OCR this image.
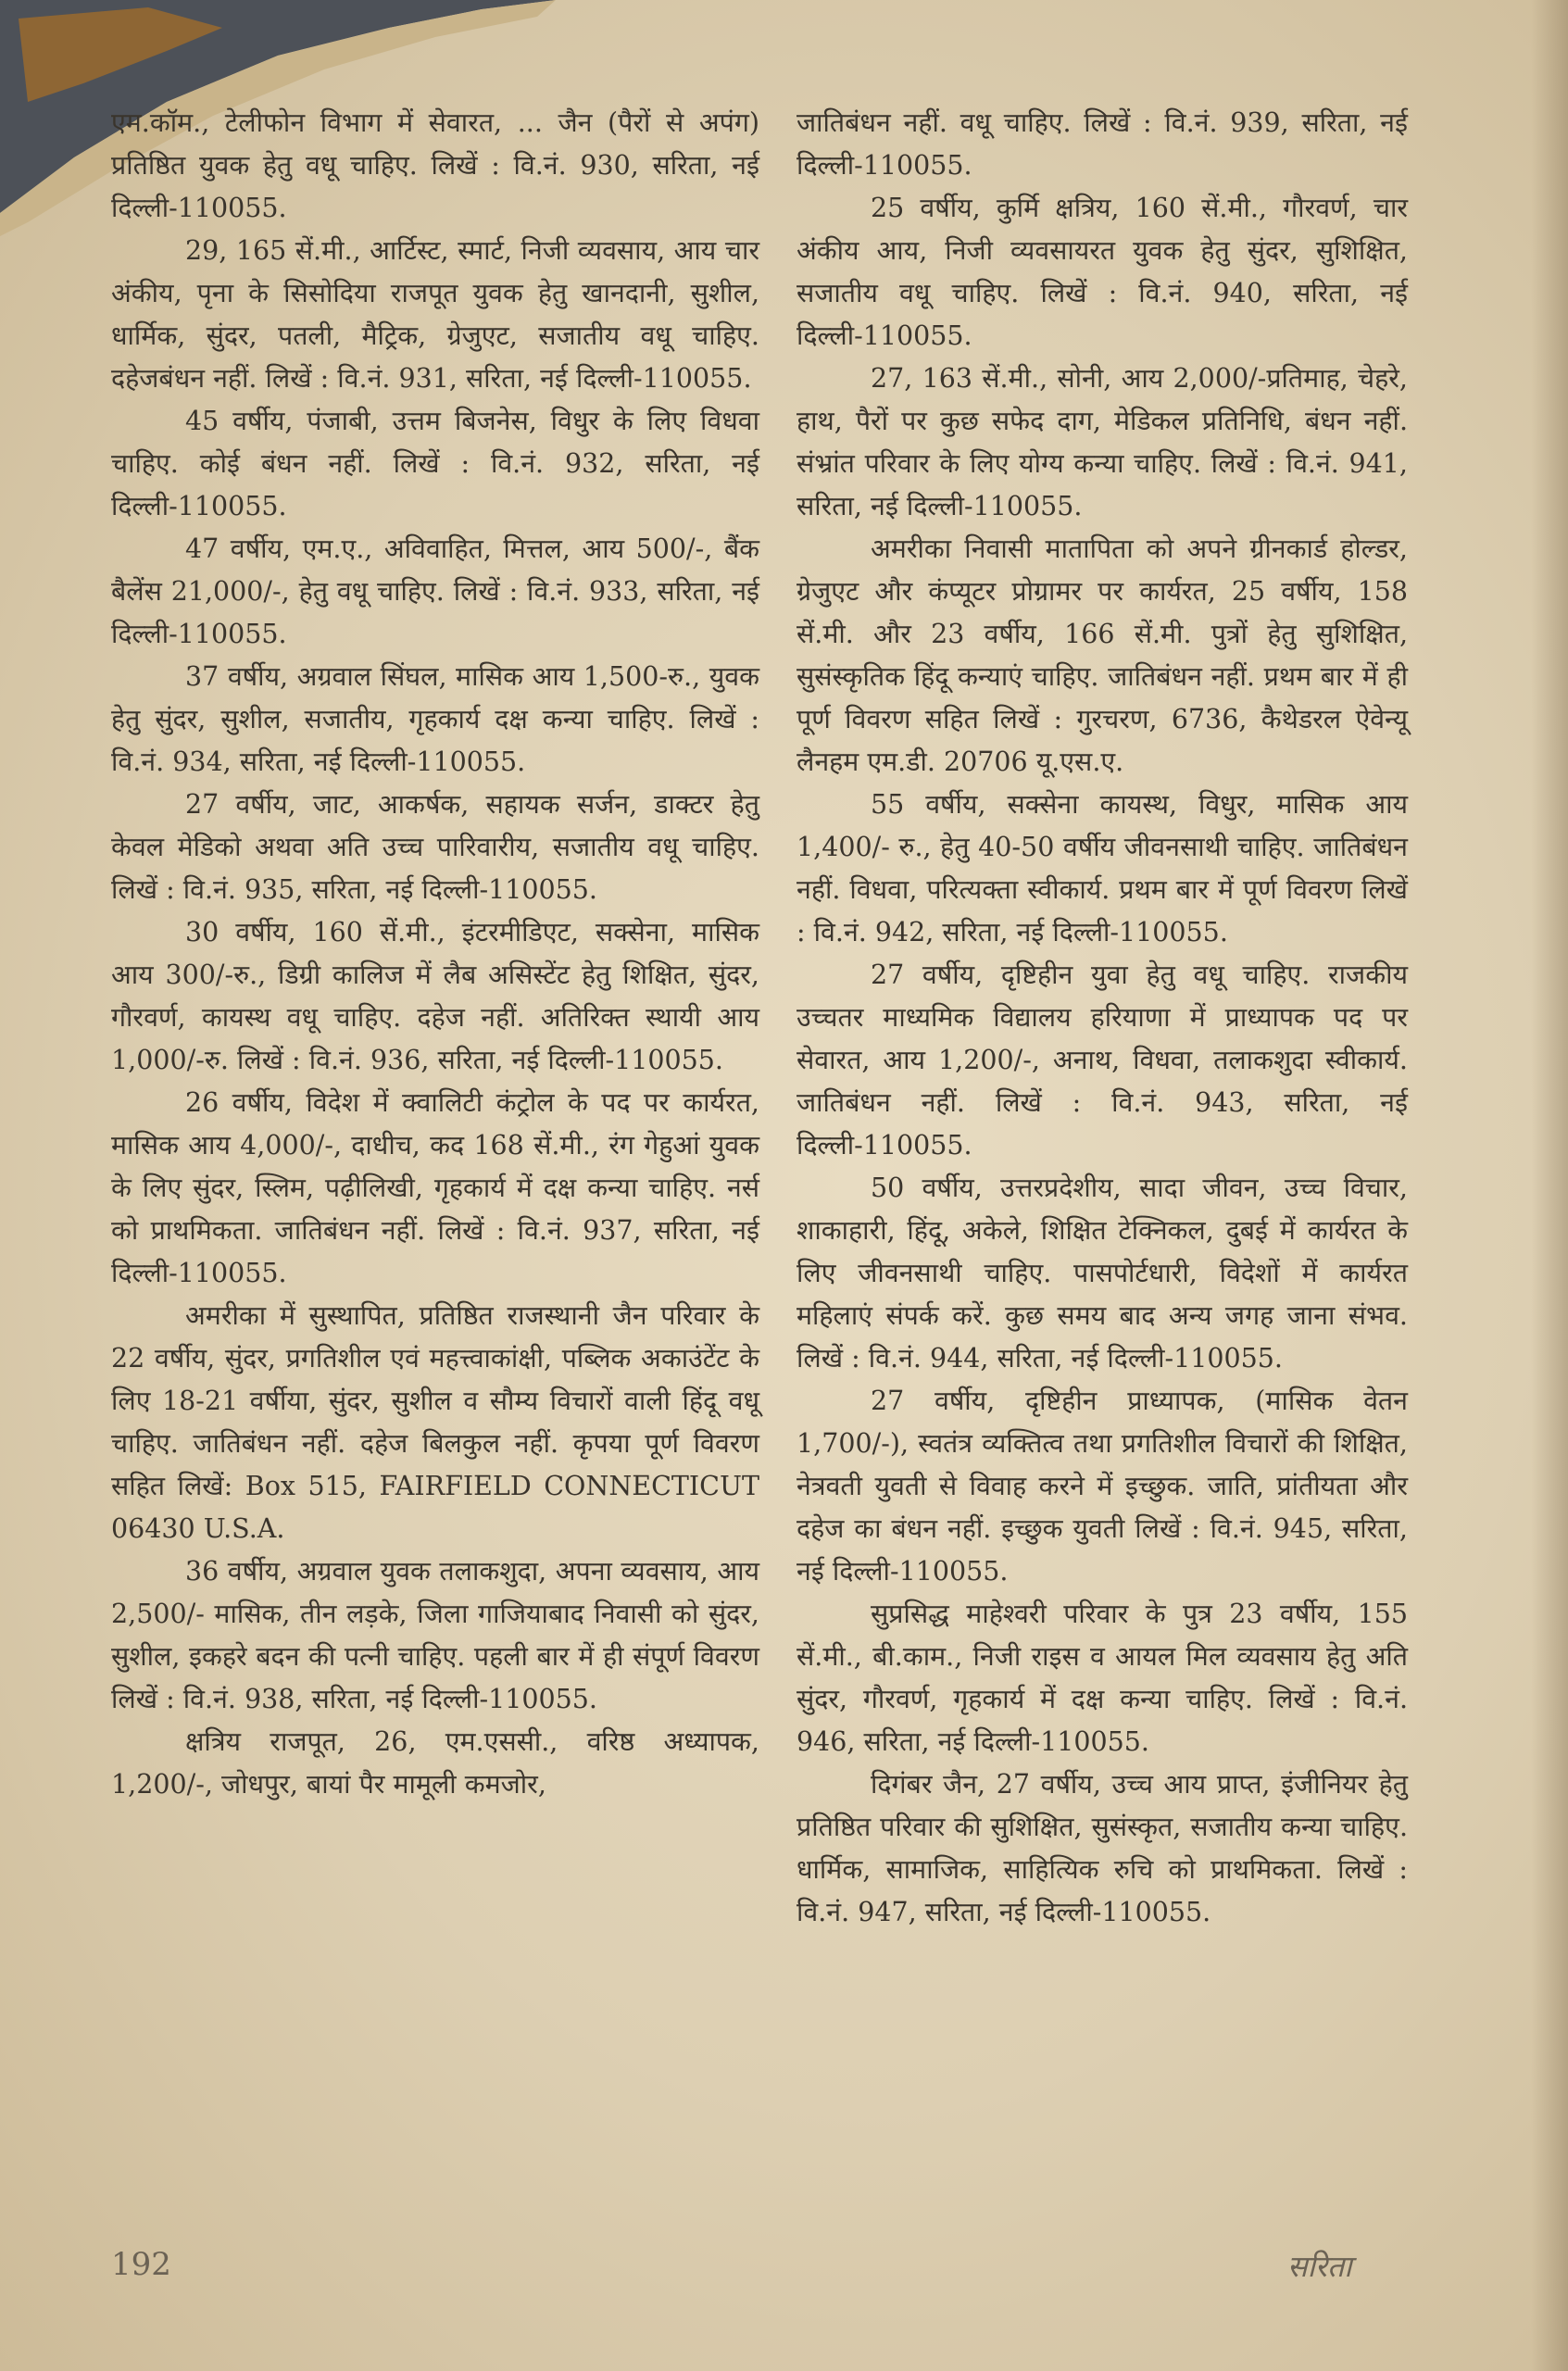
एम.कॉम., टेलीफोन विभाग में सेवारत, ... जैन (पैरों से अपंग) प्रतिष्ठित युवक हेतु वधू चाहिए. लिखें : वि.नं. 930, सरिता, नई दिल्ली-110055.

29, 165 सें.मी., आर्टिस्ट, स्मार्ट, निजी व्यवसाय, आय चार अंकीय, पृना के सिसोदिया राजपूत युवक हेतु खानदानी, सुशील, धार्मिक, सुंदर, पतली, मैट्रिक, ग्रेजुएट, सजातीय वधू चाहिए. दहेजबंधन नहीं. लिखें : वि.नं. 931, सरिता, नई दिल्ली-110055.

45 वर्षीय, पंजाबी, उत्तम बिजनेस, विधुर के लिए विधवा चाहिए. कोई बंधन नहीं. लिखें : वि.नं. 932, सरिता, नई दिल्ली-110055.

47 वर्षीय, एम.ए., अविवाहित, मित्तल, आय 500/-, बैंक बैलेंस 21,000/-, हेतु वधू चाहिए. लिखें : वि.नं. 933, सरिता, नई दिल्ली-110055.

37 वर्षीय, अग्रवाल सिंघल, मासिक आय 1,500-रु., युवक हेतु सुंदर, सुशील, सजातीय, गृहकार्य दक्ष कन्या चाहिए. लिखें : वि.नं. 934, सरिता, नई दिल्ली-110055.

27 वर्षीय, जाट, आकर्षक, सहायक सर्जन, डाक्टर हेतु केवल मेडिको अथवा अति उच्च पारिवारीय, सजातीय वधू चाहिए. लिखें : वि.नं. 935, सरिता, नई दिल्ली-110055.

30 वर्षीय, 160 सें.मी., इंटरमीडिएट, सक्सेना, मासिक आय 300/-रु., डिग्री कालिज में लैब असिस्टेंट हेतु शिक्षित, सुंदर, गौरवर्ण, कायस्थ वधू चाहिए. दहेज नहीं. अतिरिक्त स्थायी आय 1,000/-रु. लिखें : वि.नं. 936, सरिता, नई दिल्ली-110055.

26 वर्षीय, विदेश में क्वालिटी कंट्रोल के पद पर कार्यरत, मासिक आय 4,000/-, दाधीच, कद 168 सें.मी., रंग गेहुआं युवक के लिए सुंदर, स्लिम, पढ़ीलिखी, गृहकार्य में दक्ष कन्या चाहिए. नर्स को प्राथमिकता. जातिबंधन नहीं. लिखें : वि.नं. 937, सरिता, नई दिल्ली-110055.

अमरीका में सुस्थापित, प्रतिष्ठित राजस्थानी जैन परिवार के 22 वर्षीय, सुंदर, प्रगतिशील एवं महत्त्वाकांक्षी, पब्लिक अकाउंटेंट के लिए 18-21 वर्षीया, सुंदर, सुशील व सौम्य विचारों वाली हिंदू वधू चाहिए. जातिबंधन नहीं. दहेज बिलकुल नहीं. कृपया पूर्ण विवरण सहित लिखें: Box 515, FAIRFIELD CONNECTICUT 06430 U.S.A.

36 वर्षीय, अग्रवाल युवक तलाकशुदा, अपना व्यवसाय, आय 2,500/- मासिक, तीन लड़के, जिला गाजियाबाद निवासी को सुंदर, सुशील, इकहरे बदन की पत्नी चाहिए. पहली बार में ही संपूर्ण विवरण लिखें : वि.नं. 938, सरिता, नई दिल्ली-110055.

क्षत्रिय राजपूत, 26, एम.एससी., वरिष्ठ अध्यापक, 1,200/-, जोधपुर, बायां पैर मामूली कमजोर,

जातिबंधन नहीं. वधू चाहिए. लिखें : वि.नं. 939, सरिता, नई दिल्ली-110055.

25 वर्षीय, कुर्मि क्षत्रिय, 160 सें.मी., गौरवर्ण, चार अंकीय आय, निजी व्यवसायरत युवक हेतु सुंदर, सुशिक्षित, सजातीय वधू चाहिए. लिखें : वि.नं. 940, सरिता, नई दिल्ली-110055.

27, 163 सें.मी., सोनी, आय 2,000/-प्रतिमाह, चेहरे, हाथ, पैरों पर कुछ सफेद दाग, मेडिकल प्रतिनिधि, बंधन नहीं. संभ्रांत परिवार के लिए योग्य कन्या चाहिए. लिखें : वि.नं. 941, सरिता, नई दिल्ली-110055.

अमरीका निवासी मातापिता को अपने ग्रीनकार्ड होल्डर, ग्रेजुएट और कंप्यूटर प्रोग्रामर पर कार्यरत, 25 वर्षीय, 158 सें.मी. और 23 वर्षीय, 166 सें.मी. पुत्रों हेतु सुशिक्षित, सुसंस्कृतिक हिंदू कन्याएं चाहिए. जातिबंधन नहीं. प्रथम बार में ही पूर्ण विवरण सहित लिखें : गुरचरण, 6736, कैथेडरल ऐवेन्यू लैनहम एम.डी. 20706 यू.एस.ए.

55 वर्षीय, सक्सेना कायस्थ, विधुर, मासिक आय 1,400/- रु., हेतु 40-50 वर्षीय जीवनसाथी चाहिए. जातिबंधन नहीं. विधवा, परित्यक्ता स्वीकार्य. प्रथम बार में पूर्ण विवरण लिखें : वि.नं. 942, सरिता, नई दिल्ली-110055.

27 वर्षीय, दृष्टिहीन युवा हेतु वधू चाहिए. राजकीय उच्चतर माध्यमिक विद्यालय हरियाणा में प्राध्यापक पद पर सेवारत, आय 1,200/-, अनाथ, विधवा, तलाकशुदा स्वीकार्य. जातिबंधन नहीं. लिखें : वि.नं. 943, सरिता, नई दिल्ली-110055.

50 वर्षीय, उत्तरप्रदेशीय, सादा जीवन, उच्च विचार, शाकाहारी, हिंदू, अकेले, शिक्षित टेक्निकल, दुबई में कार्यरत के लिए जीवनसाथी चाहिए. पासपोर्टधारी, विदेशों में कार्यरत महिलाएं संपर्क करें. कुछ समय बाद अन्य जगह जाना संभव. लिखें : वि.नं. 944, सरिता, नई दिल्ली-110055.

27 वर्षीय, दृष्टिहीन प्राध्यापक, (मासिक वेतन 1,700/-), स्वतंत्र व्यक्तित्व तथा प्रगतिशील विचारों की शिक्षित, नेत्रवती युवती से विवाह करने में इच्छुक. जाति, प्रांतीयता और दहेज का बंधन नहीं. इच्छुक युवती लिखें : वि.नं. 945, सरिता, नई दिल्ली-110055.

सुप्रसिद्ध माहेश्वरी परिवार के पुत्र 23 वर्षीय, 155 सें.मी., बी.काम., निजी राइस व आयल मिल व्यवसाय हेतु अति सुंदर, गौरवर्ण, गृहकार्य में दक्ष कन्या चाहिए. लिखें : वि.नं. 946, सरिता, नई दिल्ली-110055.

दिगंबर जैन, 27 वर्षीय, उच्च आय प्राप्त, इंजीनियर हेतु प्रतिष्ठित परिवार की सुशिक्षित, सुसंस्कृत, सजातीय कन्या चाहिए. धार्मिक, सामाजिक, साहित्यिक रुचि को प्राथमिकता. लिखें : वि.नं. 947, सरिता, नई दिल्ली-110055.

192	सरिता
